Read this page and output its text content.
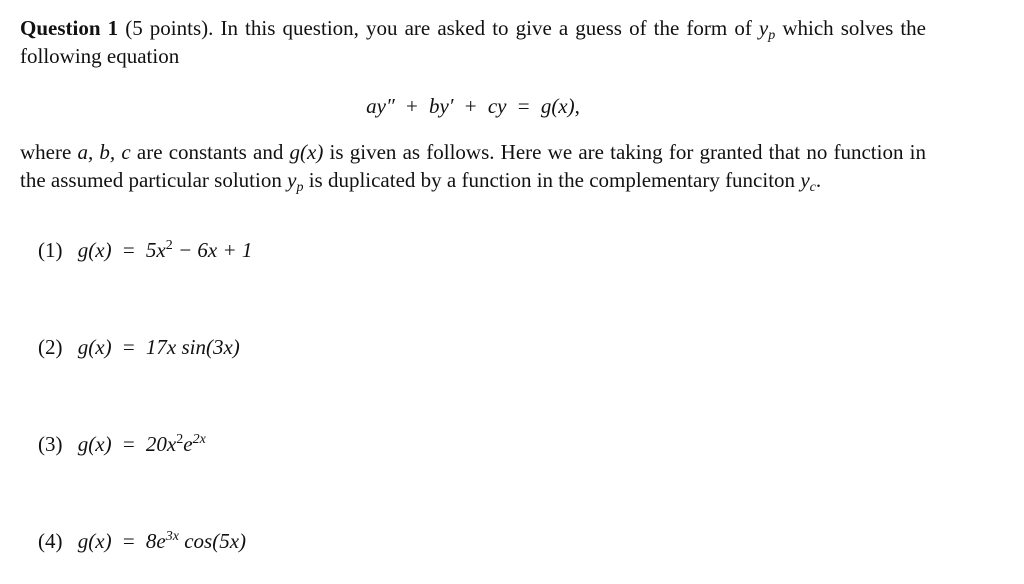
Question 1 (5 points). In this question, you are asked to give a guess of the form of $y_p$ which solves the following equation
ay″ + by′ + cy = g(x),
where a, b, c are constants and g(x) is given as follows. Here we are taking for granted that no function in the assumed particular solution $y_p$ is duplicated by a function in the complementary funciton $y_c$.
(1) $g(x) = 5x^2 - 6x + 1$
(2) g(x) = 17x sin(3x)
(3) $g(x) = 20x^2e^{2x}$
(4) $g(x) = 8e^{3x}$ cos(5x)
